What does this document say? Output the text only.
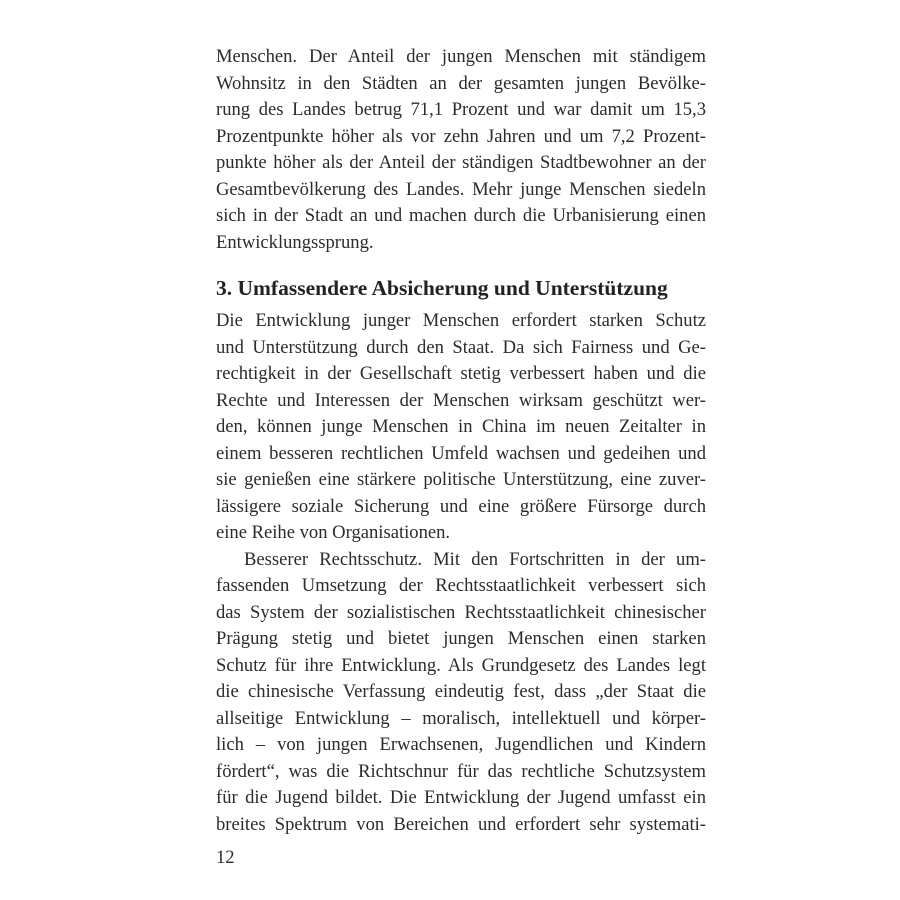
Menschen. Der Anteil der jungen Menschen mit ständigem
Wohnsitz in den Städten an der gesamten jungen Bevölke-
rung des Landes betrug 71,1 Prozent und war damit um 15,3
Prozentpunkte höher als vor zehn Jahren und um 7,2 Prozent-
punkte höher als der Anteil der ständigen Stadtbewohner an der
Gesamtbevölkerung des Landes. Mehr junge Menschen siedeln
sich in der Stadt an und machen durch die Urbanisierung einen
Entwicklungssprung.
3. Umfassendere Absicherung und Unterstützung
Die Entwicklung junger Menschen erfordert starken Schutz
und Unterstützung durch den Staat. Da sich Fairness und Ge-
rechtigkeit in der Gesellschaft stetig verbessert haben und die
Rechte und Interessen der Menschen wirksam geschützt wer-
den, können junge Menschen in China im neuen Zeitalter in
einem besseren rechtlichen Umfeld wachsen und gedeihen und
sie genießen eine stärkere politische Unterstützung, eine zuver-
lässigere soziale Sicherung und eine größere Fürsorge durch
eine Reihe von Organisationen.
Besserer Rechtsschutz. Mit den Fortschritten in der um-
fassenden Umsetzung der Rechtsstaatlichkeit verbessert sich
das System der sozialistischen Rechtsstaatlichkeit chinesischer
Prägung stetig und bietet jungen Menschen einen starken
Schutz für ihre Entwicklung. Als Grundgesetz des Landes legt
die chinesische Verfassung eindeutig fest, dass „der Staat die
allseitige Entwicklung – moralisch, intellektuell und körper-
lich – von jungen Erwachsenen, Jugendlichen und Kindern
fördert“, was die Richtschnur für das rechtliche Schutzsystem
für die Jugend bildet. Die Entwicklung der Jugend umfasst ein
breites Spektrum von Bereichen und erfordert sehr systemati-
12
